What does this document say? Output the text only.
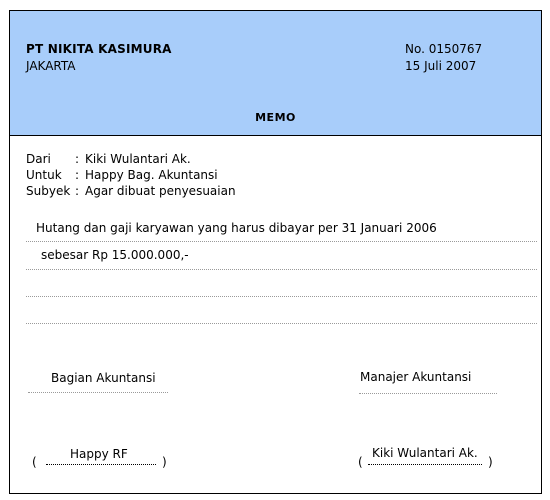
PT NIKITA KASIMURA
JAKARTA
No. 0150767
15 Juli 2007
MEMO
Dari : Kiki Wulantari Ak.
Untuk : Happy Bag. Akuntansi
Subyek : Agar dibuat penyesuaian
Hutang dan gaji karyawan yang harus dibayar per 31 Januari 2006
sebesar Rp 15.000.000,-
Bagian Akuntansi	Manajer Akuntansi
(
Happy RF
)	(
Kiki Wulantari Ak.
)
